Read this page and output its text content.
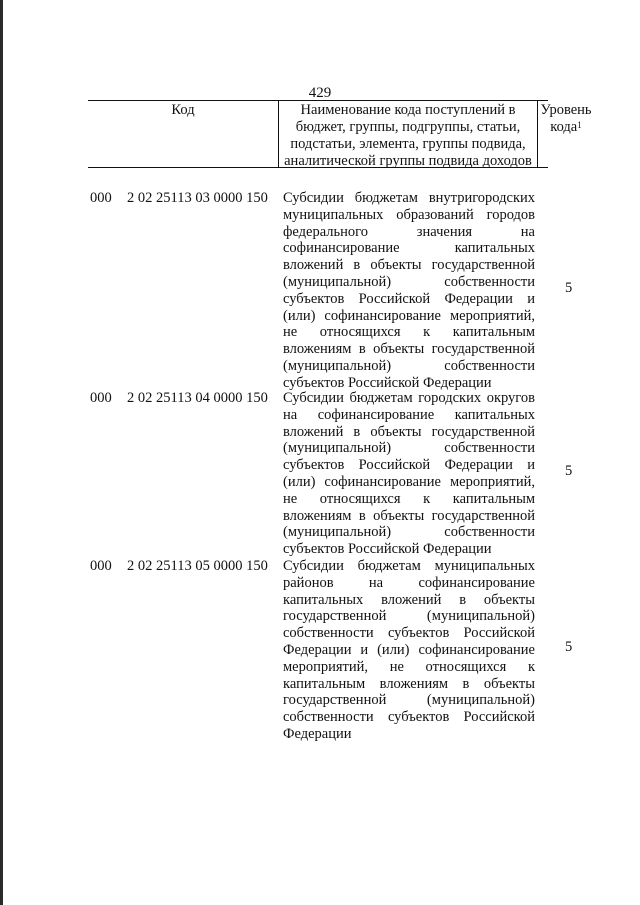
429
Код	Наименование кода поступлений в бюджет, группы, подгруппы, статьи, подстатьи, элемента, группы подвида, аналитической группы подвида доходов
Уровень кода$^1$
000 2 02 25113 03 0000 150 Субсидии бюджетам внутригородских муниципальных образований городов федерального значения на софинансирование капитальных вложений в объекты государственной (муниципальной) собственности субъектов Российской Федерации и (или) софинансирование мероприятий, не относящихся к капитальным вложениям в объекты государственной (муниципальной) собственности субъектов Российской Федерации
5
000 2 02 25113 04 0000 150 Субсидии бюджетам городских округов на софинансирование капитальных вложений в объекты государственной (муниципальной) собственности субъектов Российской Федерации и (или) софинансирование мероприятий, не относящихся к капитальным вложениям в объекты государственной (муниципальной) собственности субъектов Российской Федерации
5
000 2 02 25113 05 0000 150 Субсидии бюджетам муниципальных районов на софинансирование капитальных вложений в объекты государственной (муниципальной) собственности субъектов Российской Федерации и (или) софинансирование мероприятий, не относящихся к капитальным вложениям в объекты государственной (муниципальной) собственности субъектов Российской Федерации
5
